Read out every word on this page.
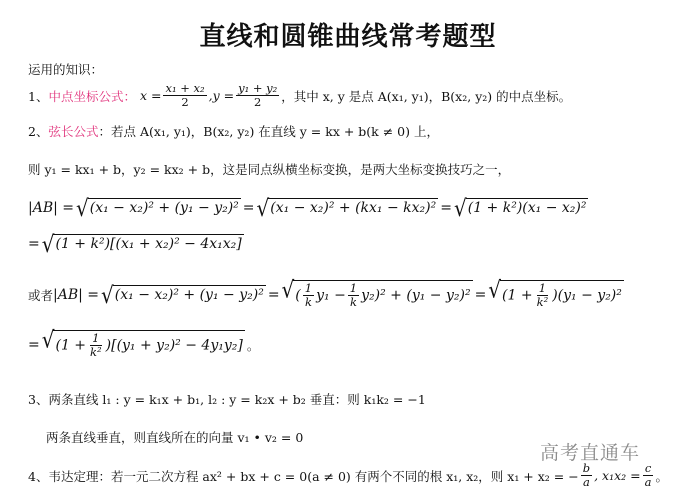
直线和圆锥曲线常考题型
运用的知识：
1、 中点坐标公式 ： $x = \frac{\text{x₁ + x₂}}{2} ,y = \frac{\text{y₁ + y₂}}{2}$ ，其中 x, y 是点 A(x₁, y₁)，B(x₂, y₂) 的中点坐标。
2、 弦长公式 ：若点 A(x₁, y₁)，B(x₂, y₂) 在直线 y = kx + b(k ≠ 0) 上，
则 y₁ = kx₁ + b，y₂ = kx₂ + b，这是同点纵横坐标变换，是两大坐标变换技巧之一，
|AB| = √ (x₁ − x₂)² + (y₁ − y₂)² = √ (x₁ − x₂)² + (kx₁ − kx₂)² = √ (1 + k²)(x₁ − x₂)²
= √ (1 + k²)[(x₁ + x₂)² − 4x₁x₂]
或者 |AB| = √ (x₁ − x₂)² + (y₁ − y₂)² = √ ( $\frac{1}{k} y_1 - \frac{1}{k} y_2)^2 + (y_1 - y_2)^2$ = √ $(1 + \frac{1}{\text{k²}} )(y_1 - y_2)^2$
= √ $(1 + \frac{1}{\text{k²}} )[(y_1 + y_2)^2 - 4y_1y_2]$ 。
3、 两条直线 l₁ : y = k₁x + b₁, l₂ : y = k₂x + b₂ 垂直：则 k₁k₂ = −1
两条直线垂直，则直线所在的向量 v₁ • v₂ = 0
4、 韦达定理：若一元二次方程 ax² + bx + c = 0(a ≠ 0) 有两个不同的根 x₁, x₂，则 x₁ + x₂ = − $\frac{b}{a}$ , $x_1x_2 = \frac{c}{a}$ 。
高考直通车
